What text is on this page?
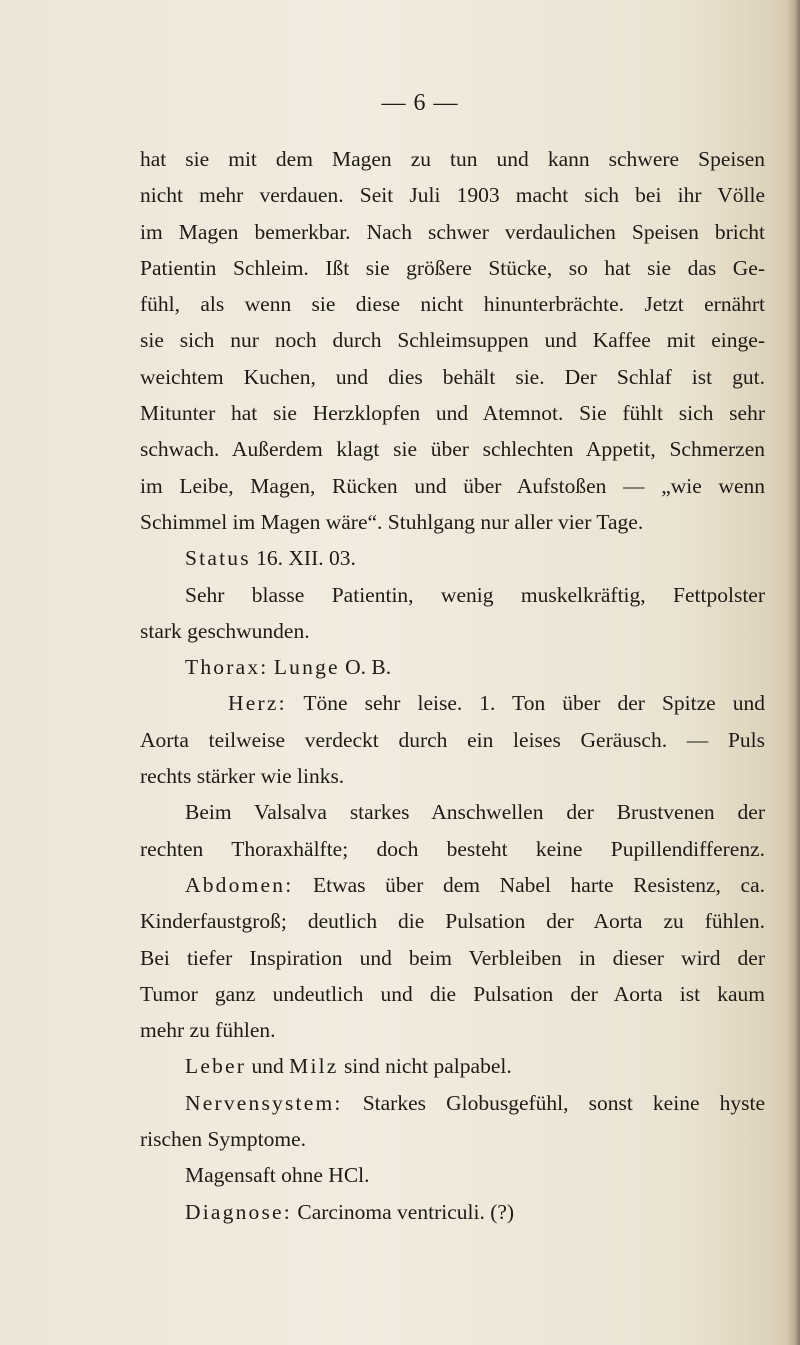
— 6 —
hat sie mit dem Magen zu tun und kann schwere Speisen
nicht mehr verdauen. Seit Juli 1903 macht sich bei ihr Völle
im Magen bemerkbar. Nach schwer verdaulichen Speisen bricht
Patientin Schleim. Ißt sie größere Stücke, so hat sie das Ge-
fühl, als wenn sie diese nicht hinunterbrächte. Jetzt ernährt
sie sich nur noch durch Schleimsuppen und Kaffee mit einge-
weichtem Kuchen, und dies behält sie. Der Schlaf ist gut.
Mitunter hat sie Herzklopfen und Atemnot. Sie fühlt sich sehr
schwach. Außerdem klagt sie über schlechten Appetit, Schmerzen
im Leibe, Magen, Rücken und über Aufstoßen — „wie wenn
Schimmel im Magen wäre“. Stuhlgang nur aller vier Tage.
Status 16. XII. 03.
Sehr blasse Patientin, wenig muskelkräftig, Fettpolster
stark geschwunden.
Thorax: Lunge O. B.
Herz: Töne sehr leise. 1. Ton über der Spitze und
Aorta teilweise verdeckt durch ein leises Geräusch. — Puls
rechts stärker wie links.
Beim Valsalva starkes Anschwellen der Brustvenen der
rechten Thoraxhälfte; doch besteht keine Pupillendifferenz.
Abdomen: Etwas über dem Nabel harte Resistenz, ca.
Kinderfaustgroß; deutlich die Pulsation der Aorta zu fühlen.
Bei tiefer Inspiration und beim Verbleiben in dieser wird der
Tumor ganz undeutlich und die Pulsation der Aorta ist kaum
mehr zu fühlen.
Leber und Milz sind nicht palpabel.
Nervensystem: Starkes Globusgefühl, sonst keine hyste
rischen Symptome.
Magensaft ohne HCl.
Diagnose: Carcinoma ventriculi. (?)
